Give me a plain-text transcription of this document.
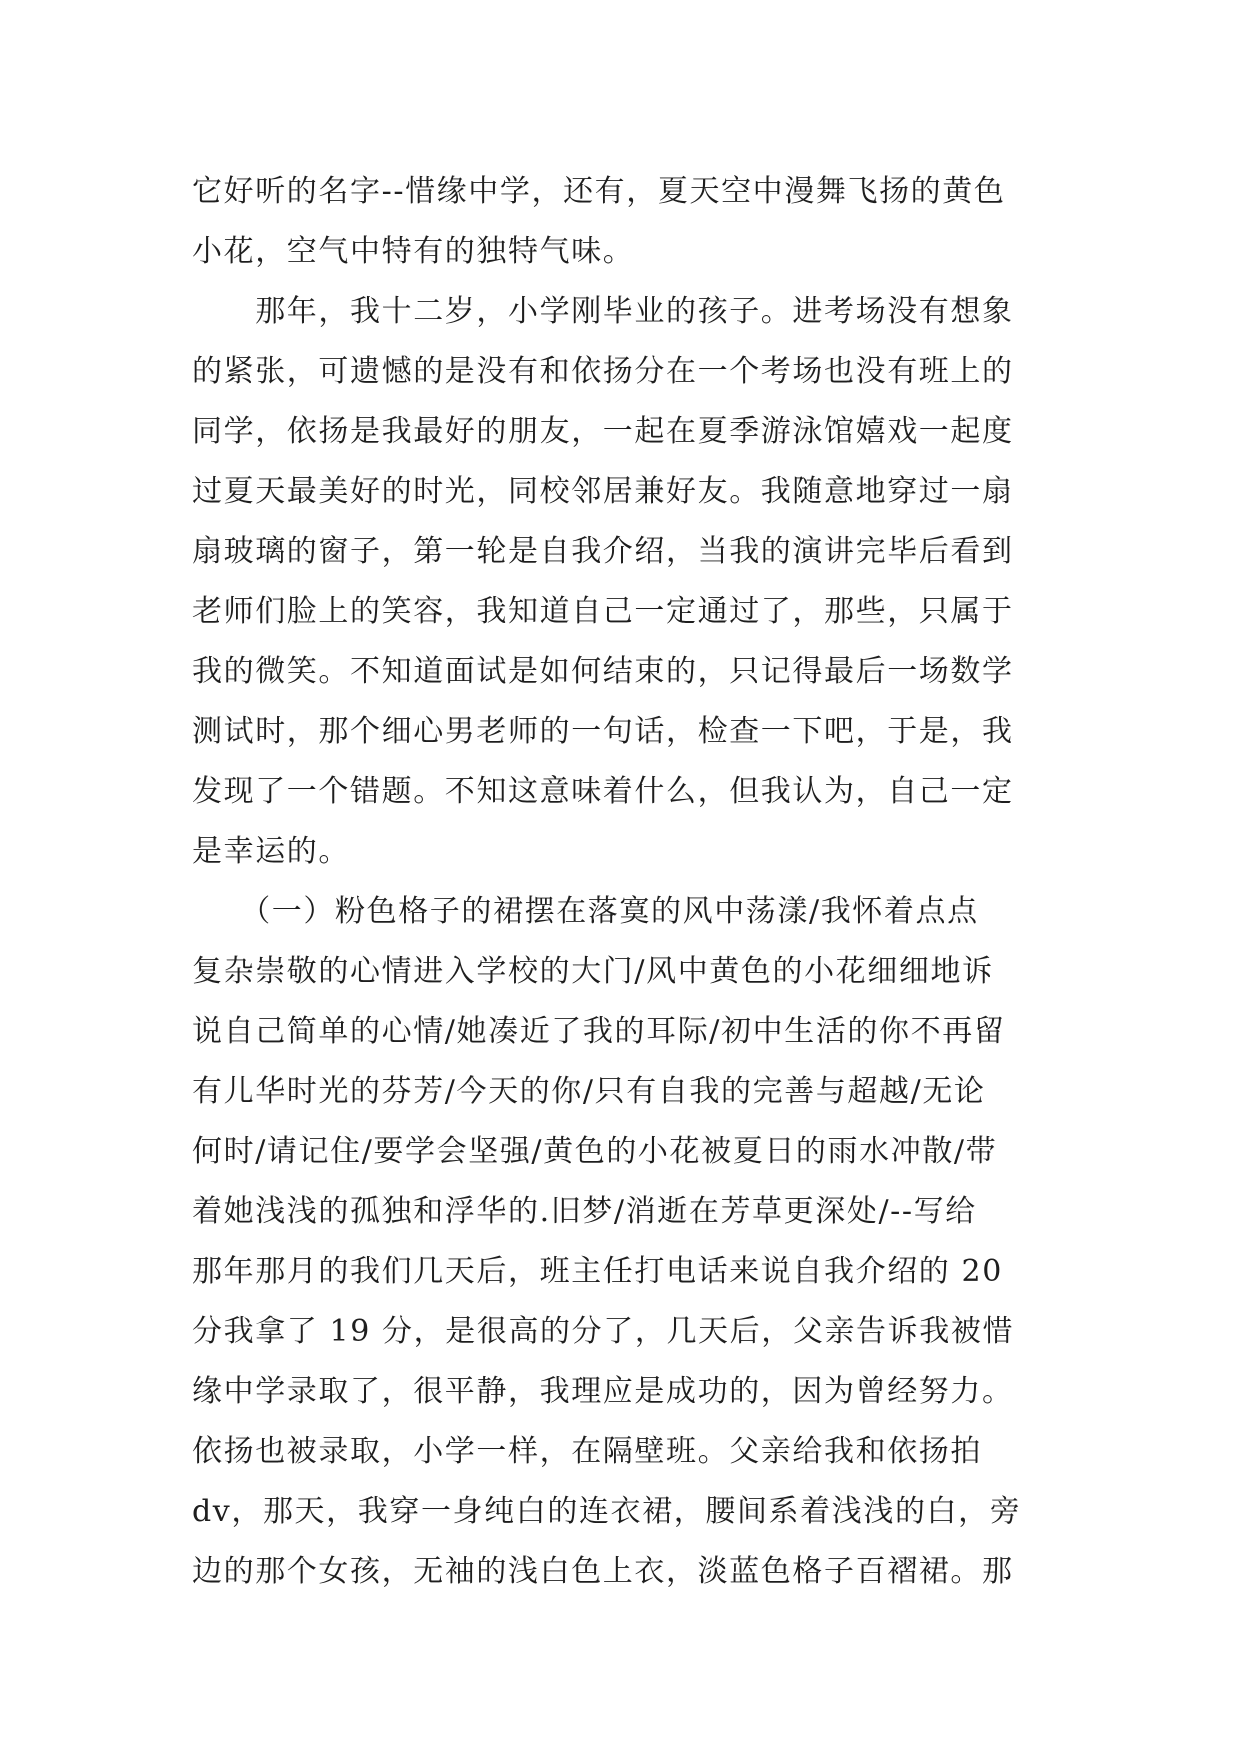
它好听的名字--惜缘中学，还有，夏天空中漫舞飞扬的黄色
小花，空气中特有的独特气味。
　　那年，我十二岁，小学刚毕业的孩子。进考场没有想象
的紧张，可遗憾的是没有和依扬分在一个考场也没有班上的
同学，依扬是我最好的朋友，一起在夏季游泳馆嬉戏一起度
过夏天最美好的时光，同校邻居兼好友。我随意地穿过一扇
扇玻璃的窗子，第一轮是自我介绍，当我的演讲完毕后看到
老师们脸上的笑容，我知道自己一定通过了，那些，只属于
我的微笑。不知道面试是如何结束的，只记得最后一场数学
测试时，那个细心男老师的一句话，检查一下吧，于是，我
发现了一个错题。不知这意味着什么，但我认为，自己一定
是幸运的。
　　（一）粉色格子的裙摆在落寞的风中荡漾/我怀着点点
复杂崇敬的心情进入学校的大门/风中黄色的小花细细地诉
说自己简单的心情/她凑近了我的耳际/初中生活的你不再留
有儿华时光的芬芳/今天的你/只有自我的完善与超越/无论
何时/请记住/要学会坚强/黄色的小花被夏日的雨水冲散/带
着她浅浅的孤独和浮华的.旧梦/消逝在芳草更深处/--写给
那年那月的我们几天后，班主任打电话来说自我介绍的 20
分我拿了 19 分，是很高的分了，几天后，父亲告诉我被惜
缘中学录取了，很平静，我理应是成功的，因为曾经努力。
依扬也被录取，小学一样，在隔壁班。父亲给我和依扬拍
dv，那天，我穿一身纯白的连衣裙，腰间系着浅浅的白，旁
边的那个女孩，无袖的浅白色上衣，淡蓝色格子百褶裙。那
